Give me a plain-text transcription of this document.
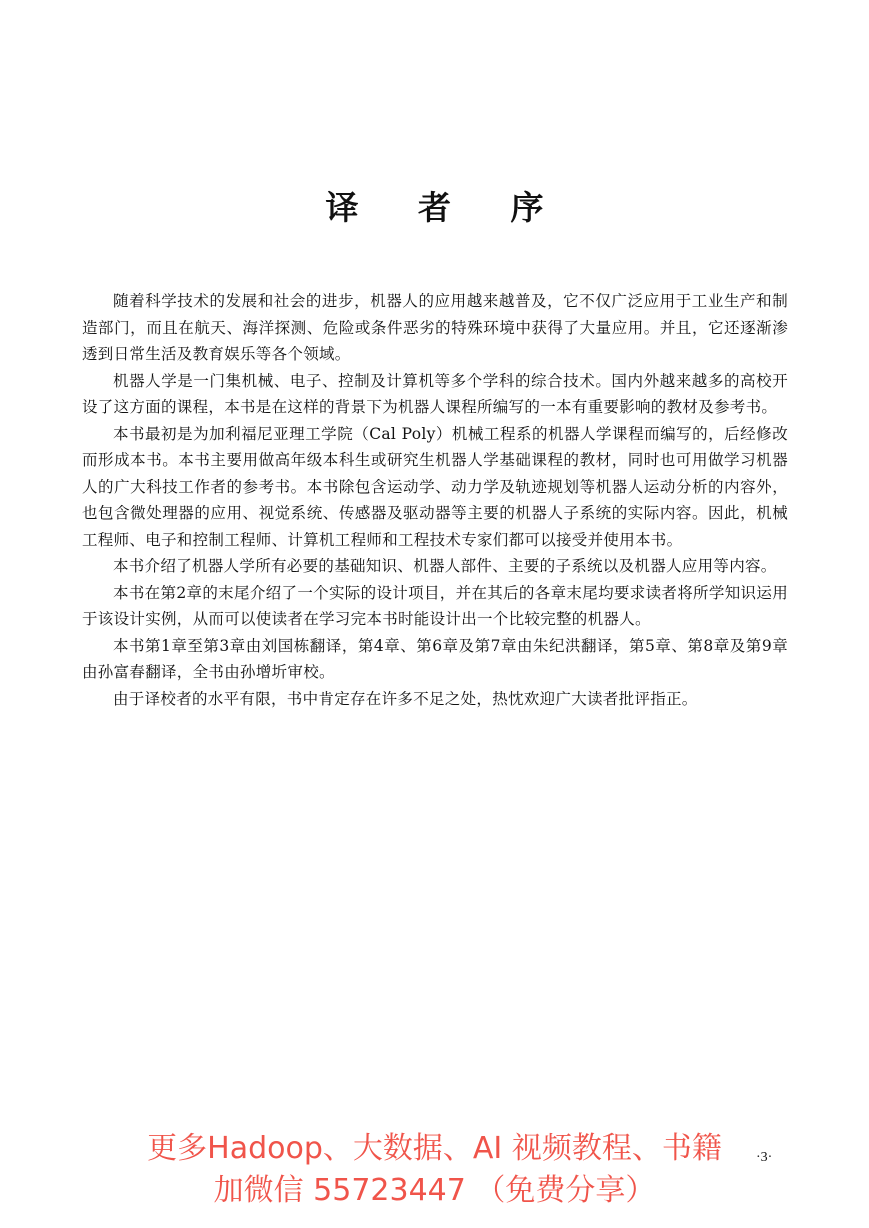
译 者 序

随着科学技术的发展和社会的进步，机器人的应用越来越普及，它不仅广泛应用于工业生产和制造部门，而且在航天、海洋探测、危险或条件恶劣的特殊环境中获得了大量应用。并且，它还逐渐渗透到日常生活及教育娱乐等各个领域。

机器人学是一门集机械、电子、控制及计算机等多个学科的综合技术。国内外越来越多的高校开设了这方面的课程，本书是在这样的背景下为机器人课程所编写的一本有重要影响的教材及参考书。

本书最初是为加利福尼亚理工学院（Cal Poly）机械工程系的机器人学课程而编写的，后经修改而形成本书。本书主要用做高年级本科生或研究生机器人学基础课程的教材，同时也可用做学习机器人的广大科技工作者的参考书。本书除包含运动学、动力学及轨迹规划等机器人运动分析的内容外，也包含微处理器的应用、视觉系统、传感器及驱动器等主要的机器人子系统的实际内容。因此，机械工程师、电子和控制工程师、计算机工程师和工程技术专家们都可以接受并使用本书。

本书介绍了机器人学所有必要的基础知识、机器人部件、主要的子系统以及机器人应用等内容。

本书在第2章的末尾介绍了一个实际的设计项目，并在其后的各章末尾均要求读者将所学知识运用于该设计实例，从而可以使读者在学习完本书时能设计出一个比较完整的机器人。

本书第1章至第3章由刘国栋翻译，第4章、第6章及第7章由朱纪洪翻译，第5章、第8章及第9章由孙富春翻译，全书由孙增圻审校。

由于译校者的水平有限，书中肯定存在许多不足之处，热忱欢迎广大读者批评指正。

·3·
更多Hadoop、大数据、AI 视频教程、书籍
加微信 55723447 （免费分享）
